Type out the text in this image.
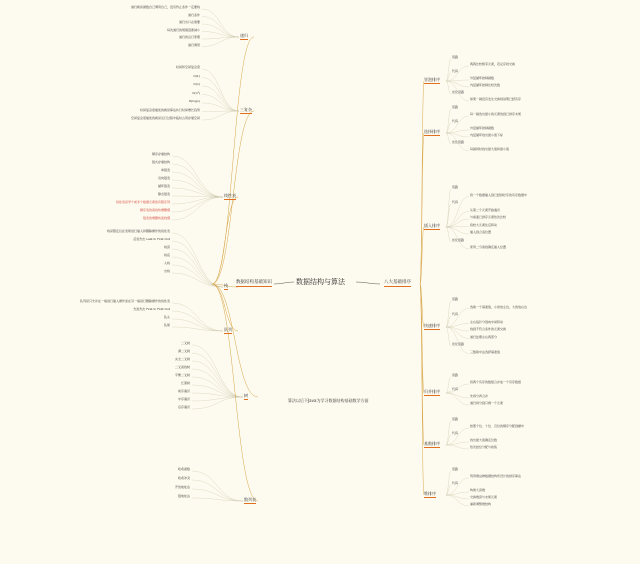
数据结构与算法
数据结构基础知识	八大基础排序
算法以后不Java为学习数据结构基础数学方面
递归
递归就是函数自己调用自己，没有终止条件一定要栈
递归条件
递归出口必须要
每次递归的规模逐渐减小
递归的运行原理
递归调用
三复杂
时间和空间复杂度
O(1)
O(n)
O(n²)
O(logn)
时间复杂度描述的就是算法执行时间增长趋势
空间复杂度描述的就是运行过程中临时占用存储空间
线性表
顺序存储结构
链式存储结构
单链表
双向链表
循环链表
静态链表
线性表是零个或多个数据元素的有限序列
顺序表的查找快增删慢
链表的增删快查找慢
栈
栈是限定仅在表尾进行插入和删除操作的线性表
后进先出 Last In First Out
栈顶
栈底
入栈
出栈
队列
队列是只允许在一端进行插入操作而在另一端进行删除操作的线性表
先进先出 First In First Out
队头
队尾
树
二叉树
满二叉树
完全二叉树
二叉查找树
平衡二叉树
红黑树
前序遍历
中序遍历
后序遍历
散列表
哈希函数
哈希冲突
开放地址法
链地址法
冒泡排序
思路
两两比较相邻元素，若反序则交换
代码
外层循环控制趟数
内层循环控制比较次数
优化思路
如果一趟没有发生交换则说明已经有序
选择排序
思路
每一趟选出最小的元素放到已排序末尾
代码
外层循环控制趟数
内层循环找出最小值下标
优化思路
每趟同时找出最大值和最小值
插入排序
思路
将一个数据插入到已经排好序的有序数据中
代码
从第二个元素开始遍历
与前面已排序元素依次比较
将较大元素往后移动
插入到合适位置
优化思路
使用二分查找确定插入位置
快速排序
思路
选取一个基准值，小的放左边，大的放右边
代码
左右指针分别向中间移动
找到不符合条件的元素交换
递归处理左右两部分
优化思路
三数取中法选择基准值
归并排序
思路
将两个有序的数组合并成一个有序数组
代码
先拆分再合并
递归拆分到只剩一个元素
基数排序
思路
按照个位、十位、百位的顺序分配到桶中
代码
找出最大值确定位数
依次按位分配与收集
堆排序
思路
利用堆这种数据结构所设计的排序算法
代码
构建大顶堆
交换堆顶与末尾元素
重新调整堆结构
